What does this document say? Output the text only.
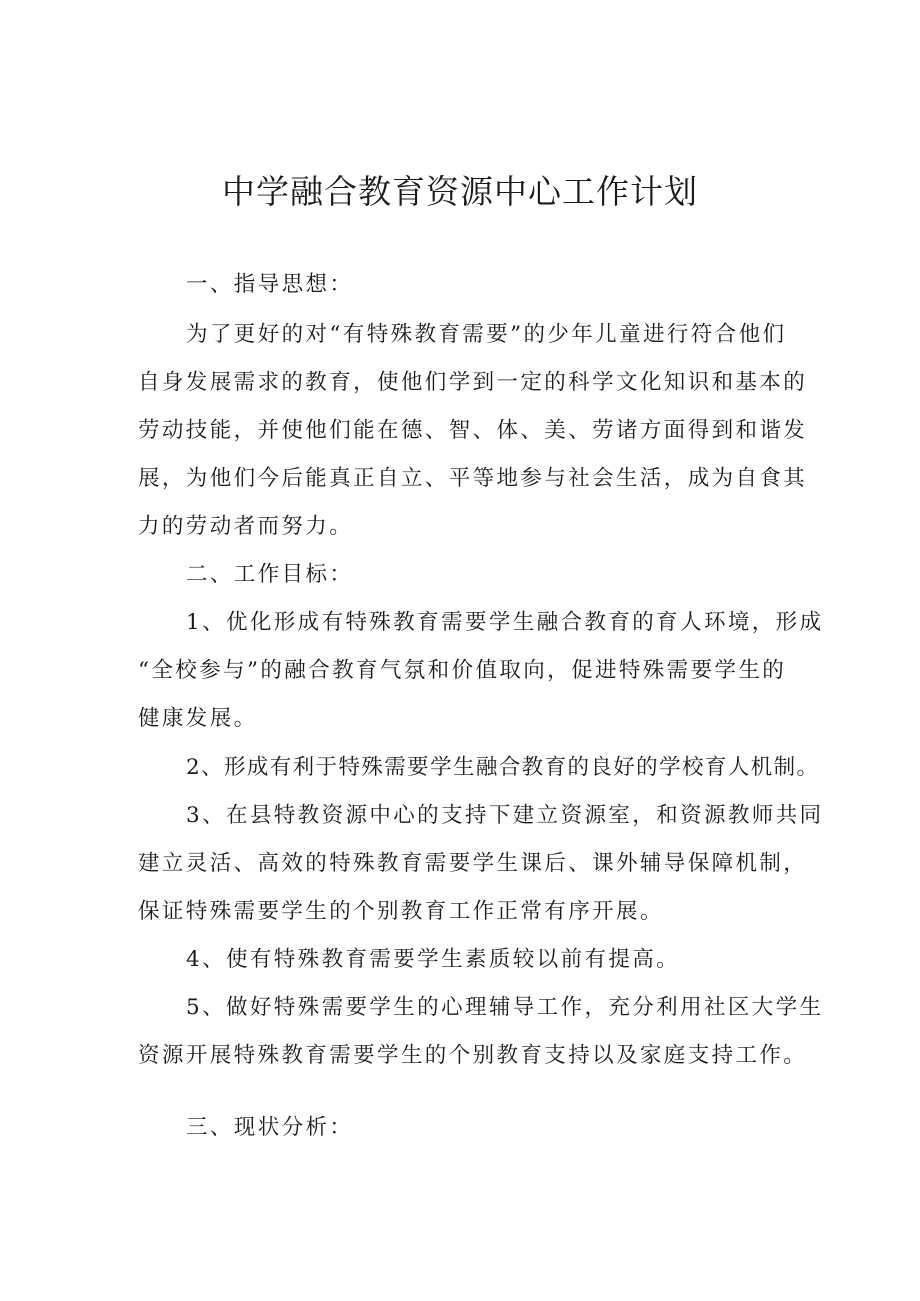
中学融合教育资源中心工作计划

一、指导思想：

为了更好的对“有特殊教育需要”的少年儿童进行符合他们

自身发展需求的教育，使他们学到一定的科学文化知识和基本的

劳动技能，并使他们能在德、智、体、美、劳诸方面得到和谐发

展，为他们今后能真正自立、平等地参与社会生活，成为自食其

力的劳动者而努力。

二、工作目标：

1、优化形成有特殊教育需要学生融合教育的育人环境，形成

“全校参与”的融合教育气氛和价值取向，促进特殊需要学生的

健康发展。

2、形成有利于特殊需要学生融合教育的良好的学校育人机制。

3、在县特教资源中心的支持下建立资源室，和资源教师共同

建立灵活、高效的特殊教育需要学生课后、课外辅导保障机制，

保证特殊需要学生的个别教育工作正常有序开展。

4、使有特殊教育需要学生素质较以前有提高。

5、做好特殊需要学生的心理辅导工作，充分利用社区大学生

资源开展特殊教育需要学生的个别教育支持以及家庭支持工作。

三、现状分析：
